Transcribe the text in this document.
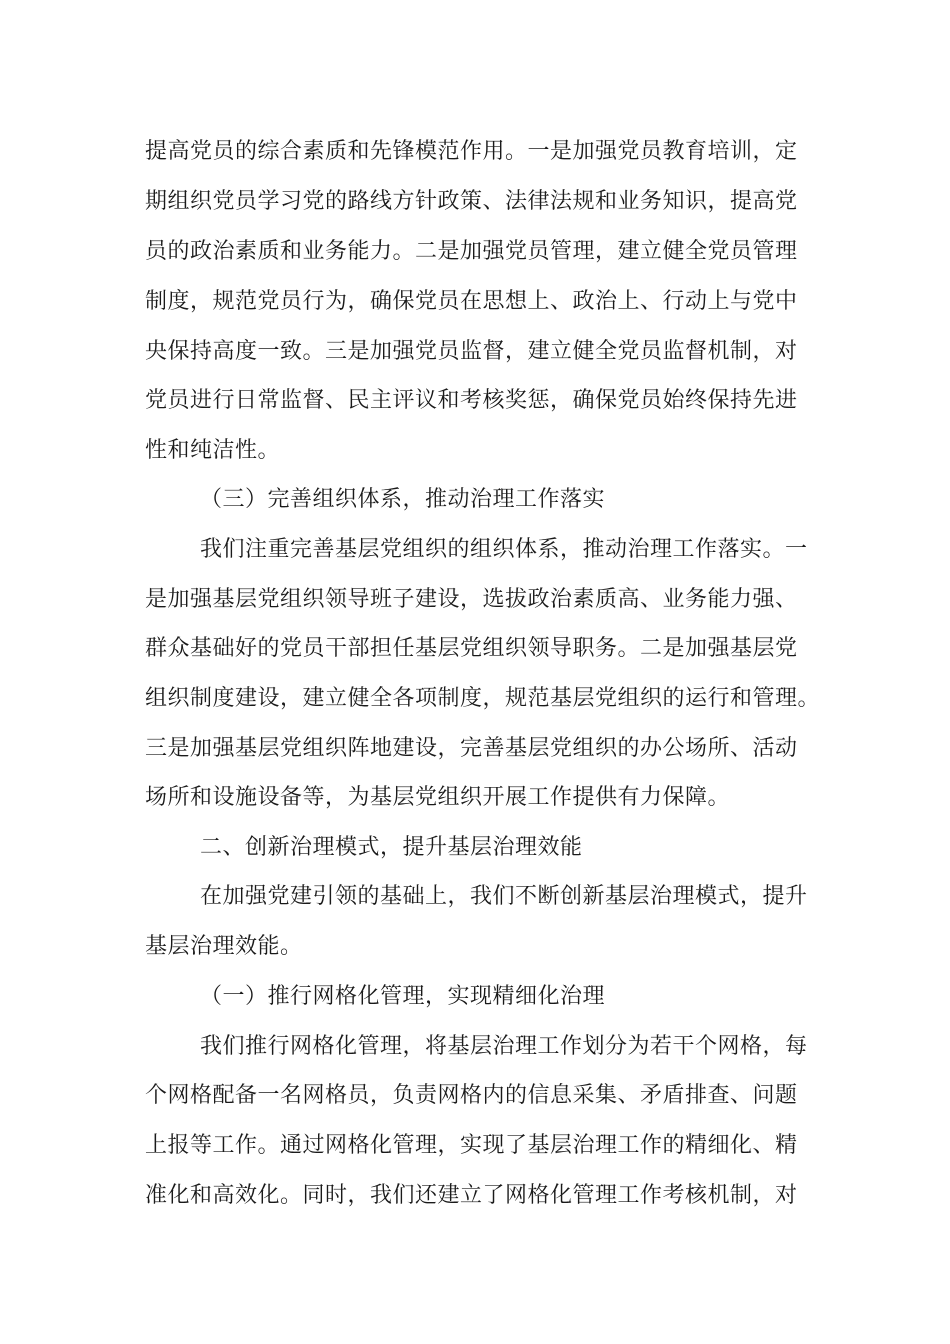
提高党员的综合素质和先锋模范作用。一是加强党员教育培训，定
期组织党员学习党的路线方针政策、法律法规和业务知识，提高党
员的政治素质和业务能力。二是加强党员管理，建立健全党员管理
制度，规范党员行为，确保党员在思想上、政治上、行动上与党中
央保持高度一致。三是加强党员监督，建立健全党员监督机制，对
党员进行日常监督、民主评议和考核奖惩，确保党员始终保持先进
性和纯洁性。
（三）完善组织体系，推动治理工作落实
我们注重完善基层党组织的组织体系，推动治理工作落实。一
是加强基层党组织领导班子建设，选拔政治素质高、业务能力强、
群众基础好的党员干部担任基层党组织领导职务。二是加强基层党
组织制度建设，建立健全各项制度，规范基层党组织的运行和管理。
三是加强基层党组织阵地建设，完善基层党组织的办公场所、活动
场所和设施设备等，为基层党组织开展工作提供有力保障。
二、创新治理模式，提升基层治理效能
在加强党建引领的基础上，我们不断创新基层治理模式，提升
基层治理效能。
（一）推行网格化管理，实现精细化治理
我们推行网格化管理，将基层治理工作划分为若干个网格，每
个网格配备一名网格员，负责网格内的信息采集、矛盾排查、问题
上报等工作。通过网格化管理，实现了基层治理工作的精细化、精
准化和高效化。同时，我们还建立了网格化管理工作考核机制，对
